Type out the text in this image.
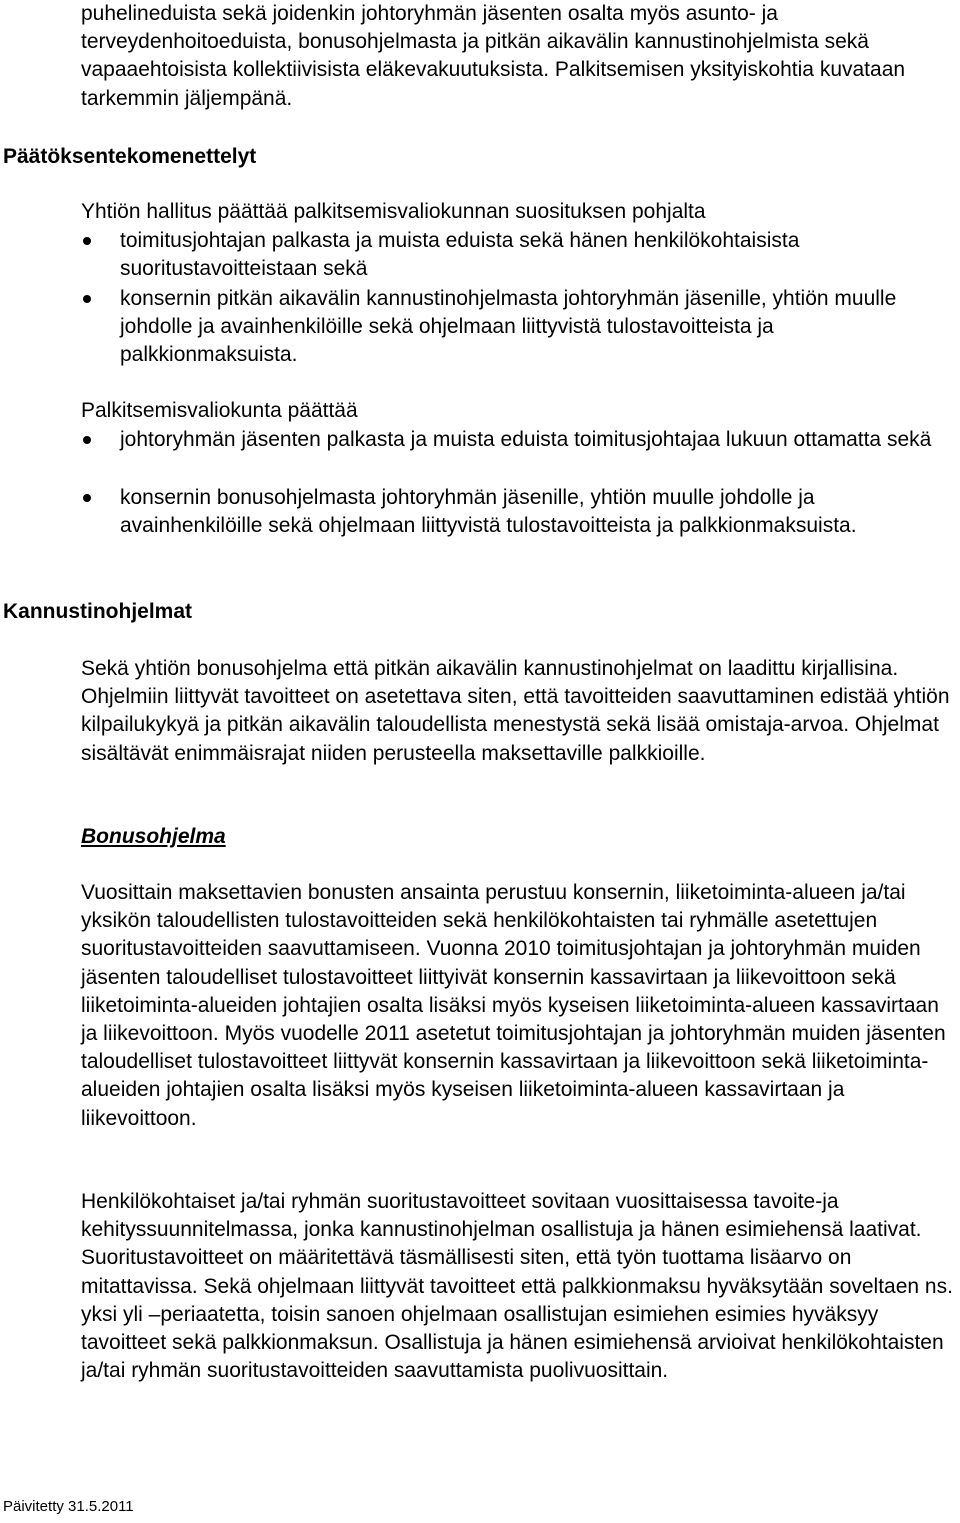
puhelineduista sekä joidenkin johtoryhmän jäsenten osalta myös asunto- ja terveydenhoitoeduista, bonusohjelmasta ja pitkän aikavälin kannustinohjelmista sekä vapaaehtoisista kollektiivisista eläkevakuutuksista. Palkitsemisen yksityiskohtia kuvataan tarkemmin jäljempänä.
Päätöksentekomenettelyt
Yhtiön hallitus päättää palkitsemisvaliokunnan suosituksen pohjalta
toimitusjohtajan palkasta ja muista eduista sekä hänen henkilökohtaisista suoritustavoitteistaan sekä
konsernin pitkän aikavälin kannustinohjelmasta johtoryhmän jäsenille, yhtiön muulle johdolle ja avainhenkilöille sekä ohjelmaan liittyvistä tulostavoitteista ja palkkionmaksuista.
Palkitsemisvaliokunta päättää
johtoryhmän jäsenten palkasta ja muista eduista toimitusjohtajaa lukuun ottamatta sekä
konsernin bonusohjelmasta johtoryhmän jäsenille, yhtiön muulle johdolle ja avainhenkilöille sekä ohjelmaan liittyvistä tulostavoitteista ja palkkionmaksuista.
Kannustinohjelmat
Sekä yhtiön bonusohjelma että pitkän aikavälin kannustinohjelmat on laadittu kirjallisina. Ohjelmiin liittyvät tavoitteet on asetettava siten, että tavoitteiden saavuttaminen edistää yhtiön kilpailukykyä ja pitkän aikavälin taloudellista menestystä sekä lisää omistaja-arvoa. Ohjelmat sisältävät enimmäisrajat niiden perusteella maksettaville palkkioille.
Bonusohjelma
Vuosittain maksettavien bonusten ansainta perustuu konsernin, liiketoiminta-alueen ja/tai yksikön taloudellisten tulostavoitteiden sekä henkilökohtaisten tai ryhmälle asetettujen suoritustavoitteiden saavuttamiseen. Vuonna 2010 toimitusjohtajan ja johtoryhmän muiden jäsenten taloudelliset tulostavoitteet liittyivät konsernin kassavirtaan ja liikevoittoon sekä liiketoiminta-alueiden johtajien osalta lisäksi myös kyseisen liiketoiminta-alueen kassavirtaan ja liikevoittoon. Myös vuodelle 2011 asetetut toimitusjohtajan ja johtoryhmän muiden jäsenten taloudelliset tulostavoitteet liittyvät konsernin kassavirtaan ja liikevoittoon sekä liiketoiminta-alueiden johtajien osalta lisäksi myös kyseisen liiketoiminta-alueen kassavirtaan ja liikevoittoon.
Henkilökohtaiset ja/tai ryhmän suoritustavoitteet sovitaan vuosittaisessa tavoite-ja kehityssuunnitelmassa, jonka kannustinohjelman osallistuja ja hänen esimiehensä laativat. Suoritustavoitteet on määritettävä täsmällisesti siten, että työn tuottama lisäarvo on mitattavissa. Sekä ohjelmaan liittyvät tavoitteet että palkkionmaksu hyväksytään soveltaen ns. yksi yli –periaatetta, toisin sanoen ohjelmaan osallistujan esimiehen esimies hyväksyy tavoitteet sekä palkkionmaksun. Osallistuja ja hänen esimiehensä arvioivat henkilökohtaisten ja/tai ryhmän suoritustavoitteiden saavuttamista puolivuosittain.
Päivitetty 31.5.2011
